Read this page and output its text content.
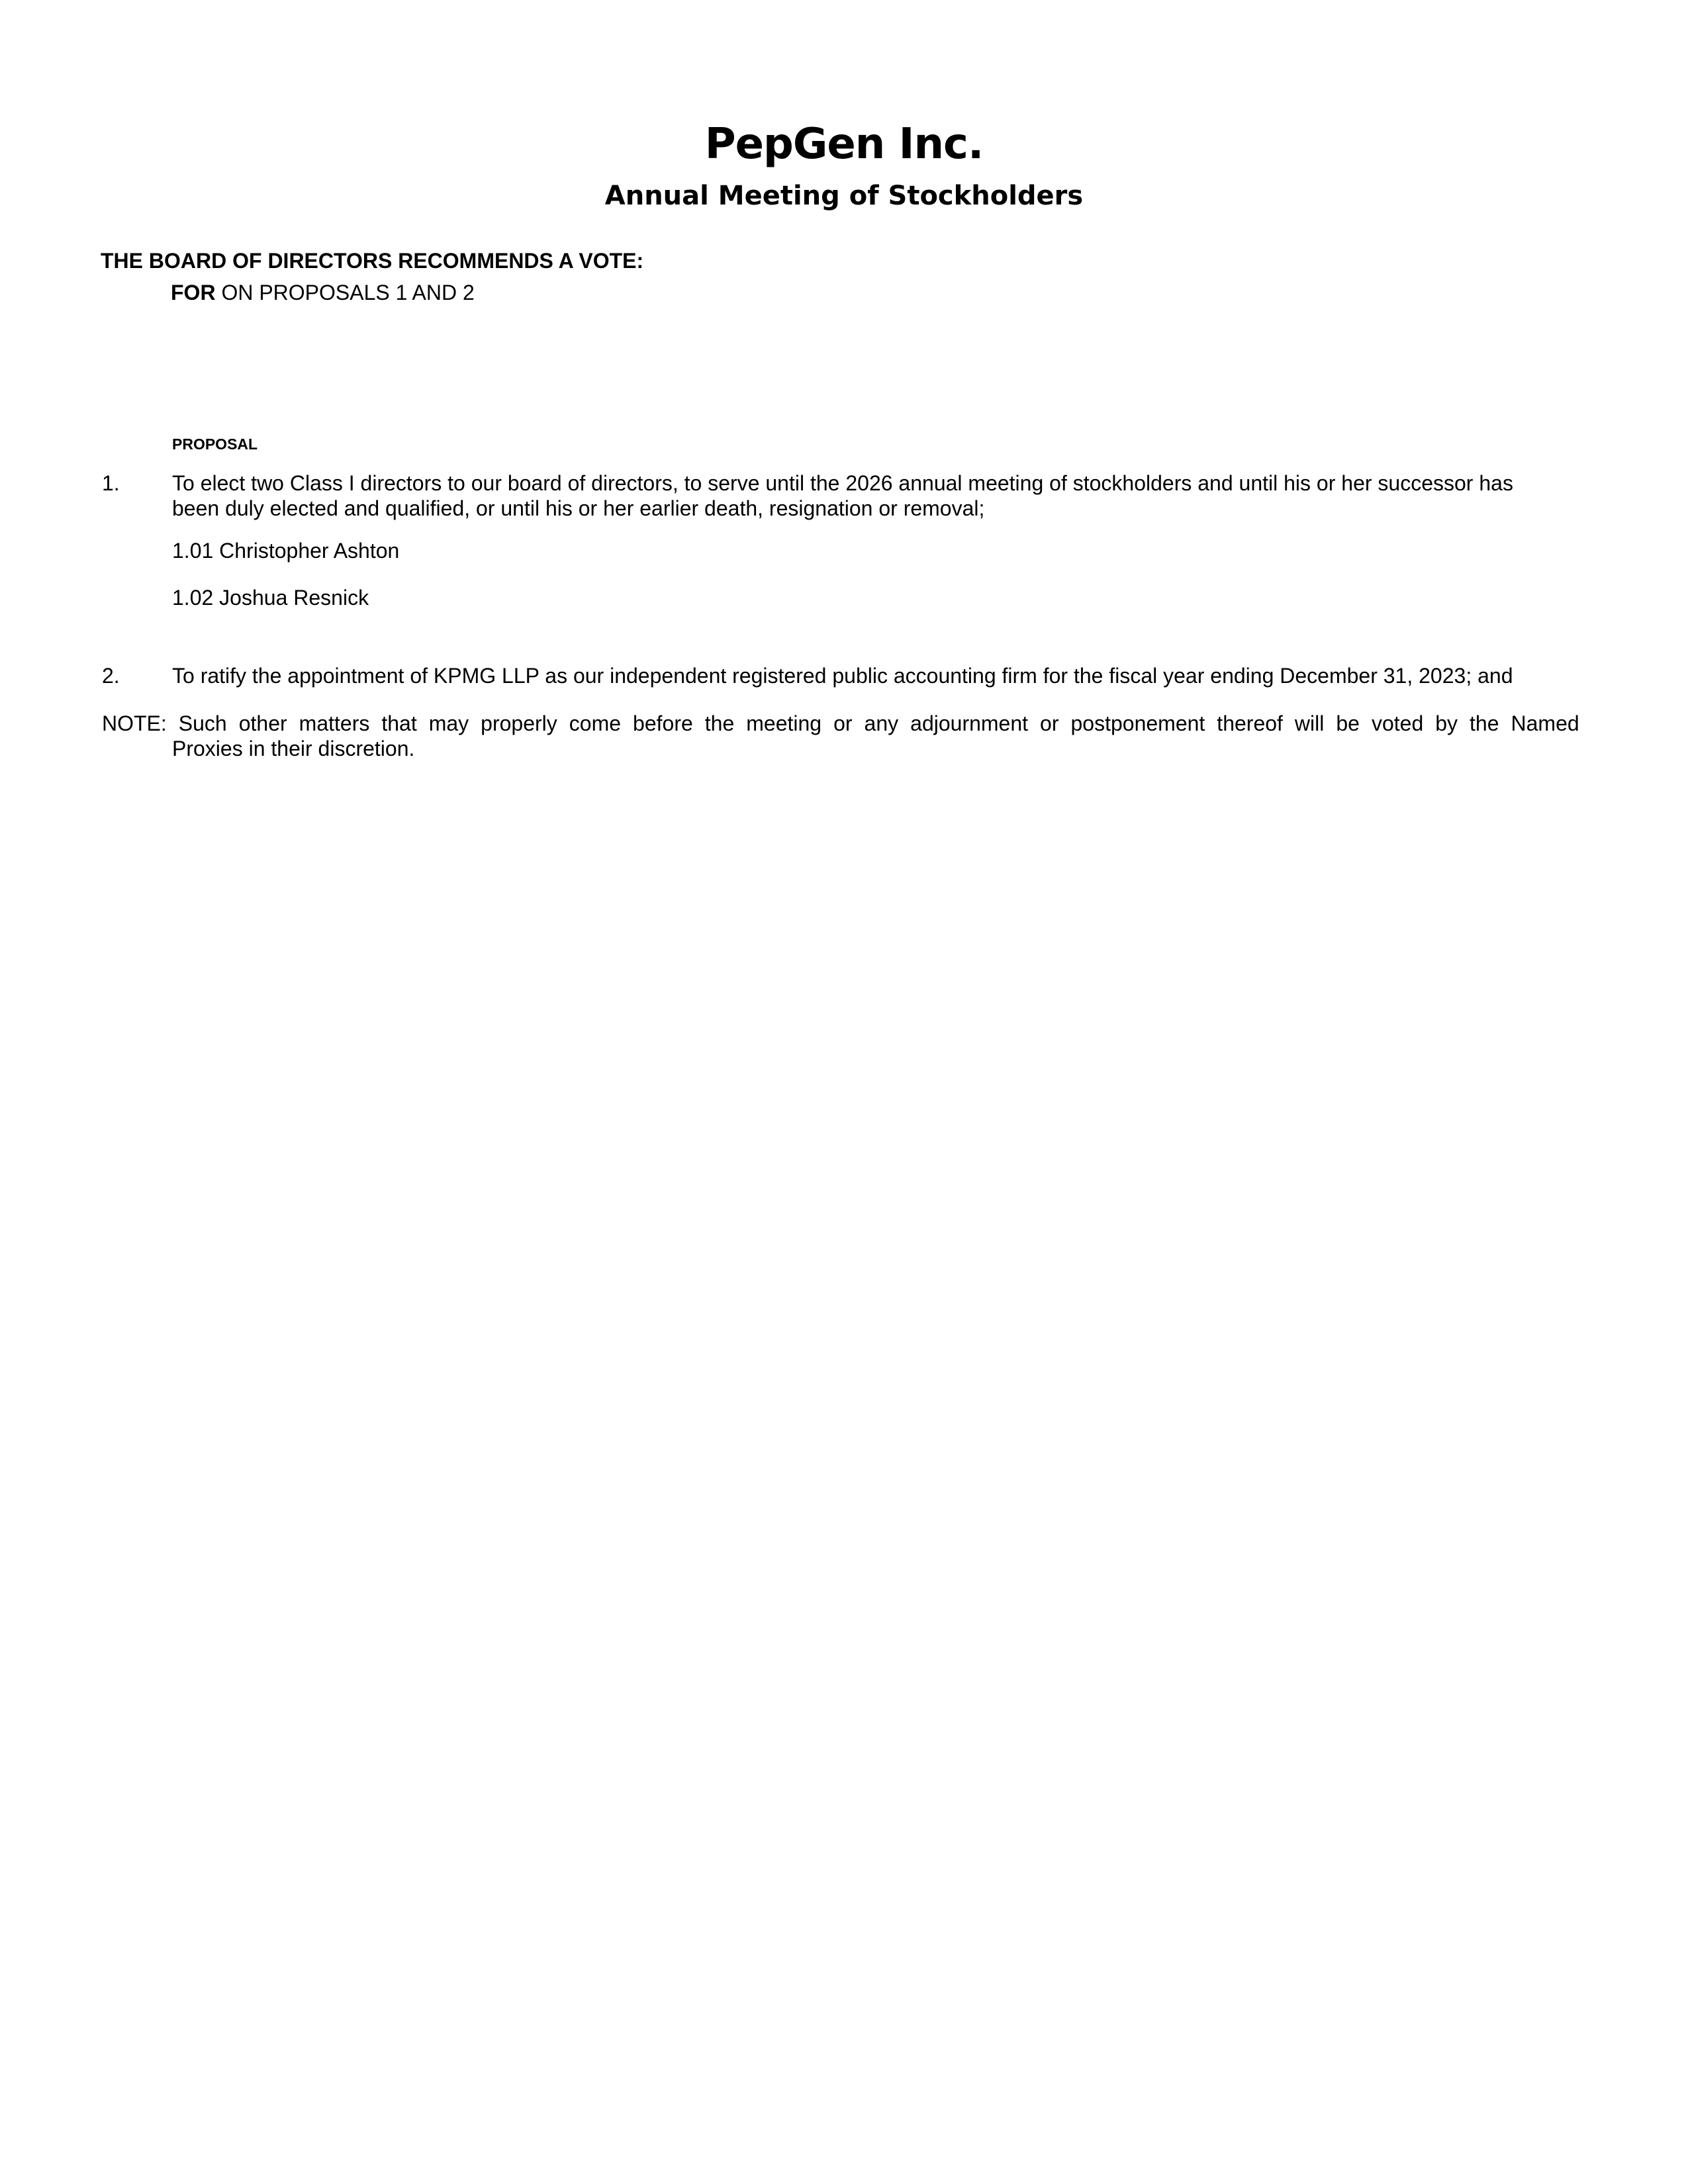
PepGen Inc.
Annual Meeting of Stockholders
THE BOARD OF DIRECTORS RECOMMENDS A VOTE:
FOR ON PROPOSALS 1 AND 2
PROPOSAL
1. To elect two Class I directors to our board of directors, to serve until the 2026 annual meeting of stockholders and until his or her successor has
been duly elected and qualified, or until his or her earlier death, resignation or removal;
1.01 Christopher Ashton
1.02 Joshua Resnick
2. To ratify the appointment of KPMG LLP as our independent registered public accounting firm for the fiscal year ending December 31, 2023; and
NOTE: Such other matters that may properly come before the meeting or any adjournment or postponement thereof will be voted by the Named
Proxies in their discretion.
